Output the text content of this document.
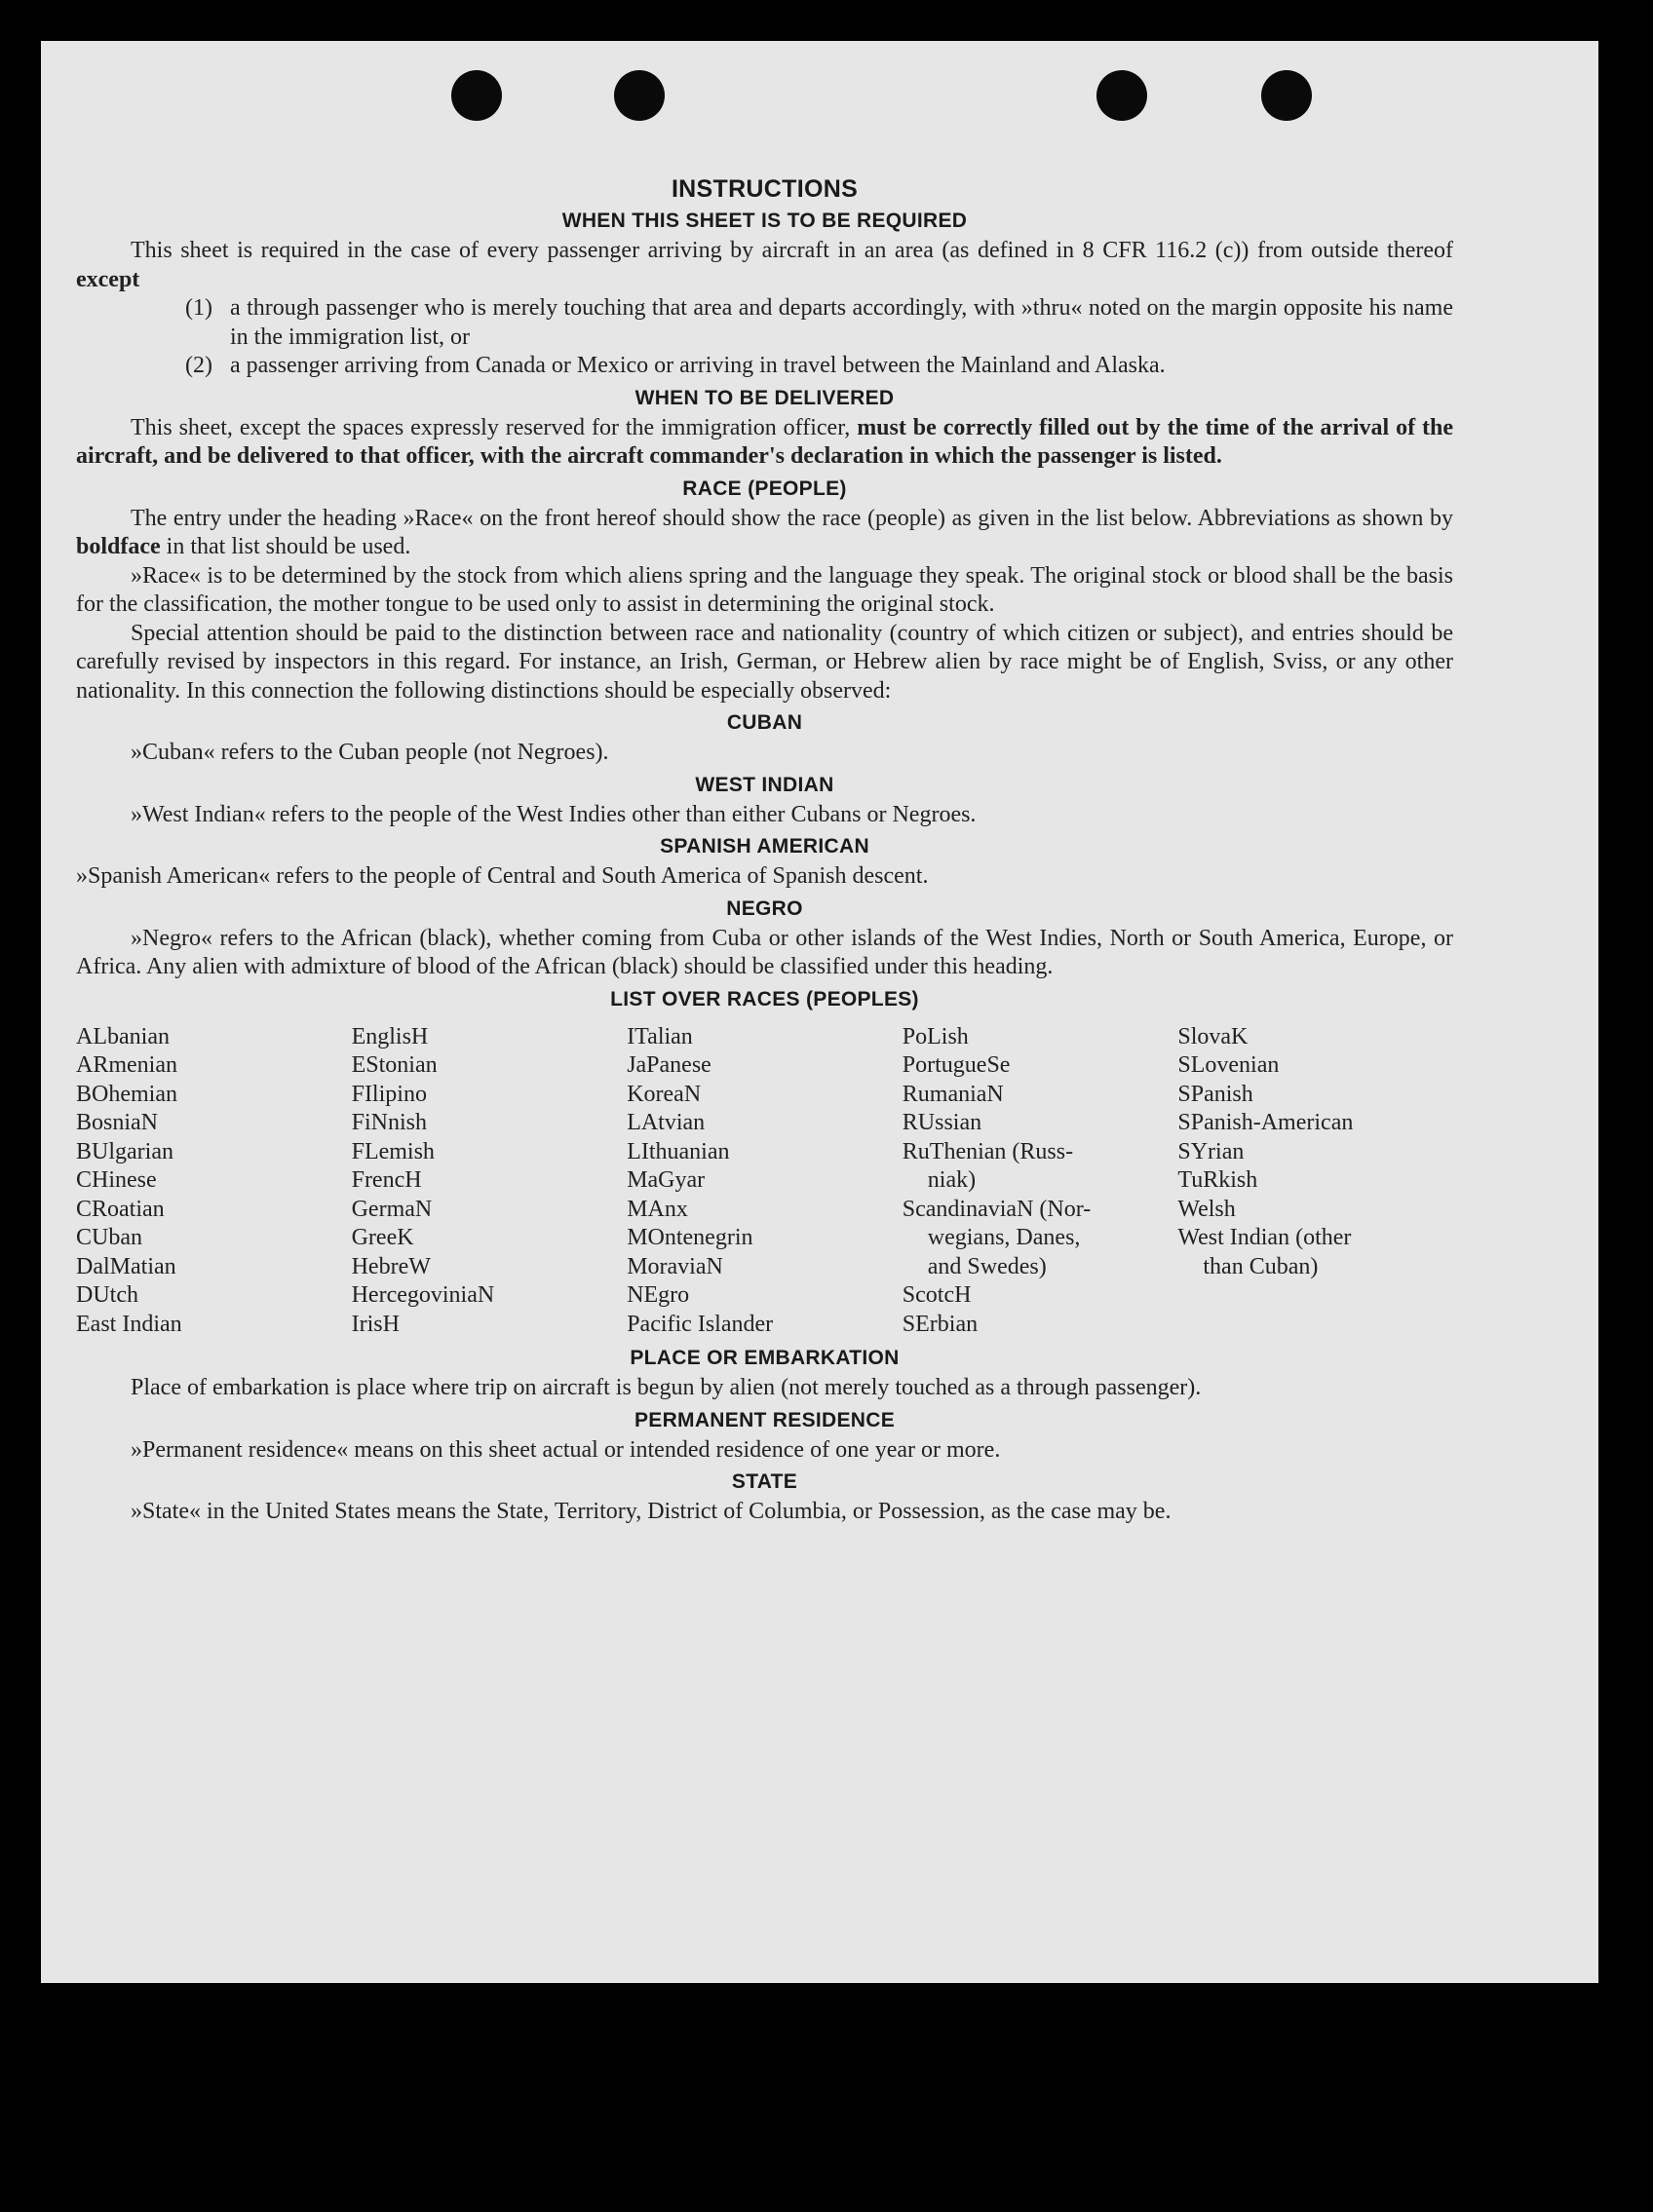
INSTRUCTIONS
WHEN THIS SHEET IS TO BE REQUIRED

This sheet is required in the case of every passenger arriving by aircraft in an area (as defined in 8 CFR 116.2 (c)) from outside thereof except

(1) a through passenger who is merely touching that area and departs accordingly, with »thru« noted on the margin opposite his name in the immigration list, or
(2) a passenger arriving from Canada or Mexico or arriving in travel between the Mainland and Alaska.
WHEN TO BE DELIVERED

This sheet, except the spaces expressly reserved for the immigration officer, must be correctly filled out by the time of the arrival of the aircraft, and be delivered to that officer, with the aircraft commander's declaration in which the passenger is listed.

RACE (PEOPLE)

The entry under the heading »Race« on the front hereof should show the race (people) as given in the list below. Abbreviations as shown by boldface in that list should be used.

»Race« is to be determined by the stock from which aliens spring and the language they speak. The original stock or blood shall be the basis for the classification, the mother tongue to be used only to assist in determining the original stock.

Special attention should be paid to the distinction between race and nationality (country of which citizen or subject), and entries should be carefully revised by inspectors in this regard. For instance, an Irish, German, or Hebrew alien by race might be of English, Sviss, or any other nationality. In this connection the following distinctions should be especially observed:

CUBAN

»Cuban« refers to the Cuban people (not Negroes).

WEST INDIAN

»West Indian« refers to the people of the West Indies other than either Cubans or Negroes.

SPANISH AMERICAN

»Spanish American« refers to the people of Central and South America of Spanish descent.

NEGRO

»Negro« refers to the African (black), whether coming from Cuba or other islands of the West Indies, North or South America, Europe, or Africa. Any alien with admixture of blood of the African (black) should be classified under this heading.

LIST OVER RACES (PEOPLES)
ALbanian
ARmenian
BOhemian
BosniaN
BUlgarian
CHinese
CRoatian
CUban
DalMatian
DUtch
East Indian
EnglisH
EStonian
FIlipino
FiNnish
FLemish
FrencH
GermaN
GreeK
HebreW
HercegoviniaN
IrisH
ITalian
JaPanese
KoreaN
LAtvian
LIthuanian
MaGyar
MAnx
MOntenegrin
MoraviaN
NEgro
Pacific Islander
PoLish
PortugueSe
RumaniaN
RUssian
RuThenian (Russ-
niak)
ScandinaviaN (Nor-
wegians, Danes,
and Swedes)
ScotcH
SErbian
SlovaK
SLovenian
SPanish
SPanish-American
SYrian
TuRkish
Welsh
West Indian (other
than Cuban)
PLACE OR EMBARKATION

Place of embarkation is place where trip on aircraft is begun by alien (not merely touched as a through passenger).

PERMANENT RESIDENCE

»Permanent residence« means on this sheet actual or intended residence of one year or more.

STATE

»State« in the United States means the State, Territory, District of Columbia, or Possession, as the case may be.
